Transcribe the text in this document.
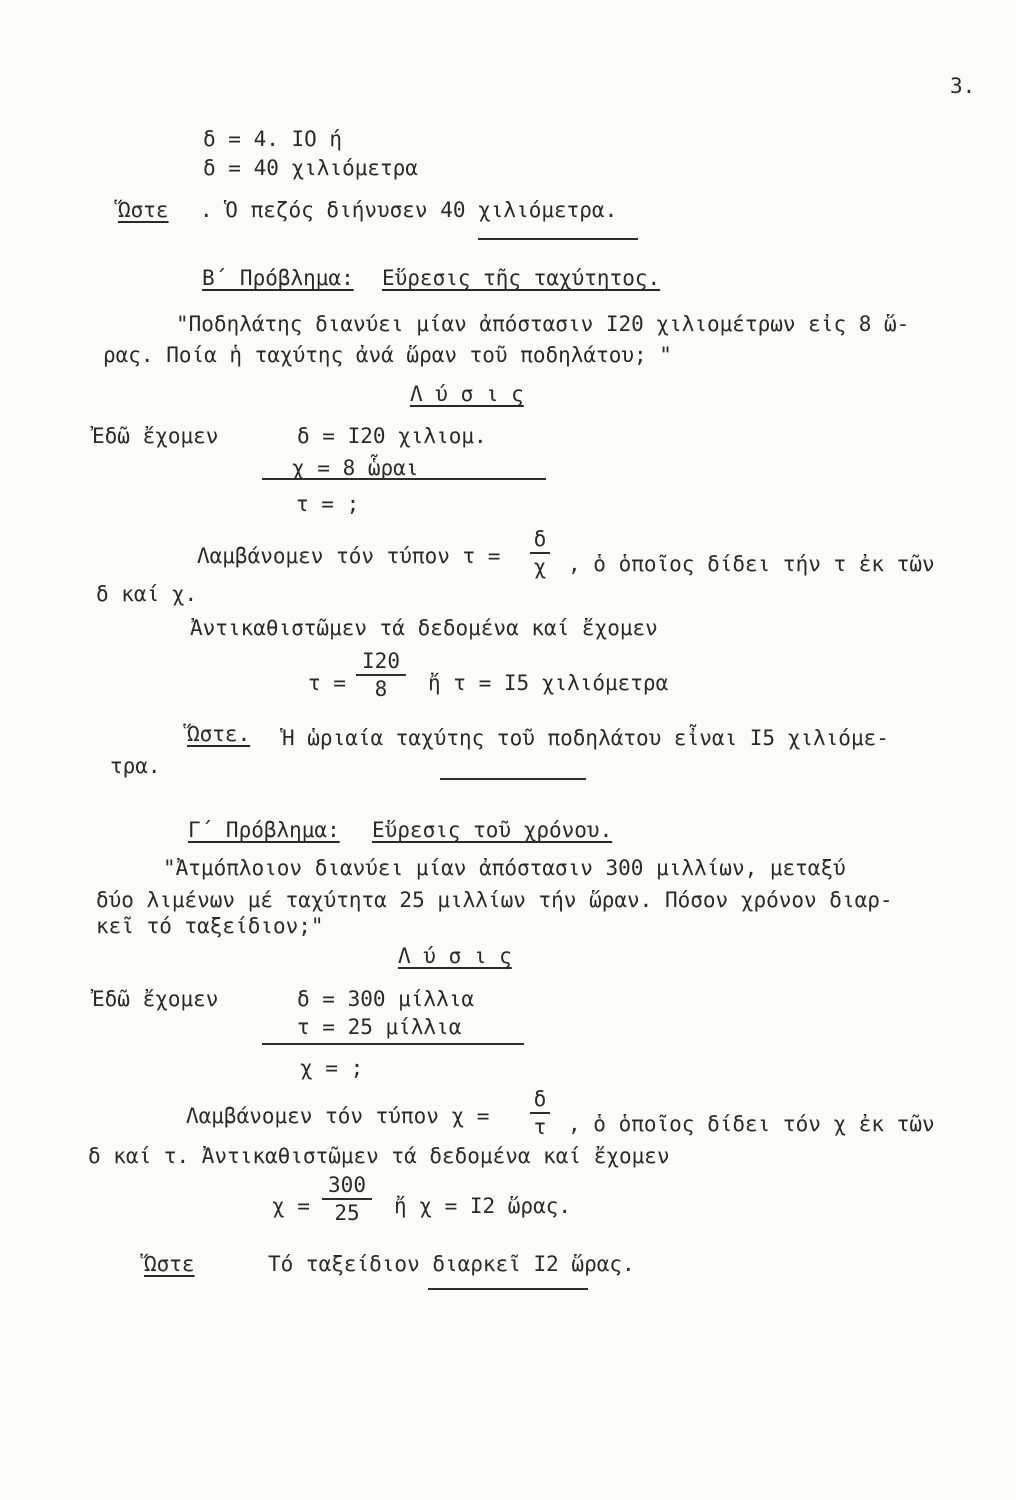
3.
δ = 4. ΙΟ ή
δ = 40 χιλιόμετρα
Ὥστε . Ὁ πεζός διήνυσεν 40 χιλιόμετρα.
Β΄ Πρόβλημα: Εὕρεσις τῆς ταχύτητος.
"Ποδηλάτης διανύει μίαν ἀπόστασιν Ι20 χιλιομέτρων εἰς 8 ὥ-
ρας. Ποία ἡ ταχύτης ἀνά ὥραν τοῦ ποδηλάτου; "
Λ ύ σ ι ς
Ἐδῶ ἔχομεν	δ = Ι20 χιλιομ.
χ = 8 ὧραι
τ = ;
Λαμβάνομεν τόν τύπον τ =
δ
χ , ὁ ὁποῖος δίδει τήν τ ἐκ τῶν
δ καί χ.
Ἀντικαθιστῶμεν τά δεδομένα καί ἔχομεν
τ =
Ι20
8	ἤ τ = Ι5 χιλιόμετρα
Ὥστε. Ἡ ὡριαία ταχύτης τοῦ ποδηλάτου εἶναι Ι5 χιλιόμε-
τρα.
Γ΄ Πρόβλημα: Εὕρεσις τοῦ χρόνου.
"Ἀτμόπλοιον διανύει μίαν ἀπόστασιν 300 μιλλίων, μεταξύ
δύο λιμένων μέ ταχύτητα 25 μιλλίων τήν ὥραν. Πόσον χρόνον διαρ-
κεῖ τό ταξείδιον;"
Λ ύ σ ι ς
Ἐδῶ ἔχομεν	δ = 300 μίλλια
τ = 25 μίλλια
χ = ;
Λαμβάνομεν τόν τύπον χ =
δ
τ , ὁ ὁποῖος δίδει τόν χ ἐκ τῶν
δ καί τ. Ἀντικαθιστῶμεν τά δεδομένα καί ἔχομεν
χ =
300
25	ἤ χ = Ι2 ὥρας.
Ὥστε	Τό ταξείδιον διαρκεῖ Ι2 ὥρας.
